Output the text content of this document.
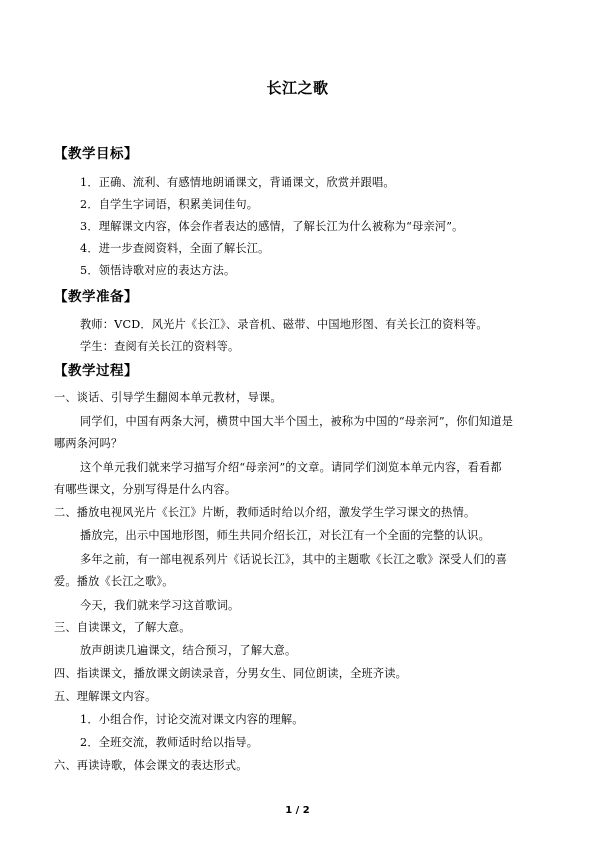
长江之歌
【教学目标】
1．正确、流利、有感情地朗诵课文，背诵课文，欣赏并跟唱。
2．自学生字词语，积累美词佳句。
3．理解课文内容，体会作者表达的感情，了解长江为什么被称为“母亲河”。
4．进一步查阅资料，全面了解长江。
5．领悟诗歌对应的表达方法。
【教学准备】
教师：VCD．风光片《长江》、录音机、磁带、中国地形图、有关长江的资料等。
学生：查阅有关长江的资料等。
【教学过程】
一、谈话、引导学生翻阅本单元教材，导课。
同学们，中国有两条大河，横贯中国大半个国土，被称为中国的“母亲河”，你们知道是
哪两条河吗？
这个单元我们就来学习描写介绍“母亲河”的文章。请同学们浏览本单元内容，看看都
有哪些课文，分别写得是什么内容。
二、播放电视风光片《长江》片断，教师适时给以介绍，激发学生学习课文的热情。
播放完，出示中国地形图，师生共同介绍长江，对长江有一个全面的完整的认识。
多年之前，有一部电视系列片《话说长江》，其中的主题歌《长江之歌》深受人们的喜
爱。播放《长江之歌》。
今天，我们就来学习这首歌词。
三、自读课文，了解大意。
放声朗读几遍课文，结合预习，了解大意。
四、指读课文，播放课文朗读录音，分男女生、同位朗读，全班齐读。
五、理解课文内容。
1．小组合作，讨论交流对课文内容的理解。
2．全班交流，教师适时给以指导。
六、再读诗歌，体会课文的表达形式。
1 / 2
